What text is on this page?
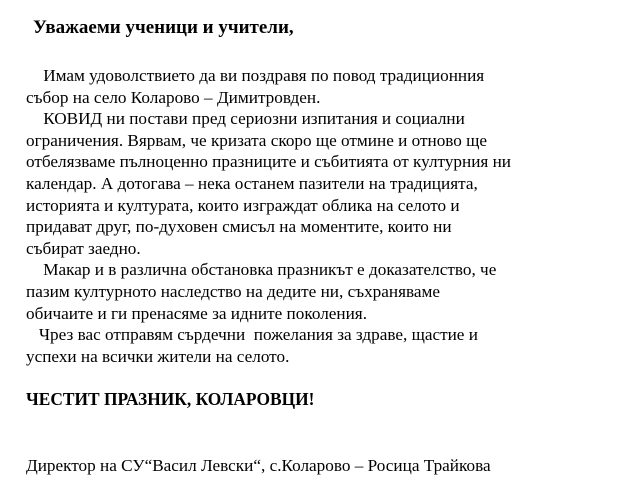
Уважаеми ученици и учители,
Имам удоволствието да ви поздравя по повод традиционния
събор на село Коларово – Димитровден.
КОВИД ни постави пред сериозни изпитания и социални
ограничения. Вярвам, че кризата скоро ще отмине и отново ще
отбелязваме пълноценно празниците и събитията от културния ни
календар. А дотогава – нека останем пазители на традицията,
историята и културата, които изграждат облика на селото и
придават друг, по-духовен смисъл на моментите, които ни
събират заедно.
Макар и в различна обстановка празникът е доказателство, че
пазим културното наследство на дедите ни, съхраняваме
обичаите и ги пренасяме за идните поколения.
Чрез вас отправям сърдечни  пожелания за здраве, щастие и
успехи на всички жители на селото.
ЧЕСТИТ ПРАЗНИК, КОЛАРОВЦИ!
Директор на СУ“Васил Левски“, с.Коларово – Росица Трайкова
